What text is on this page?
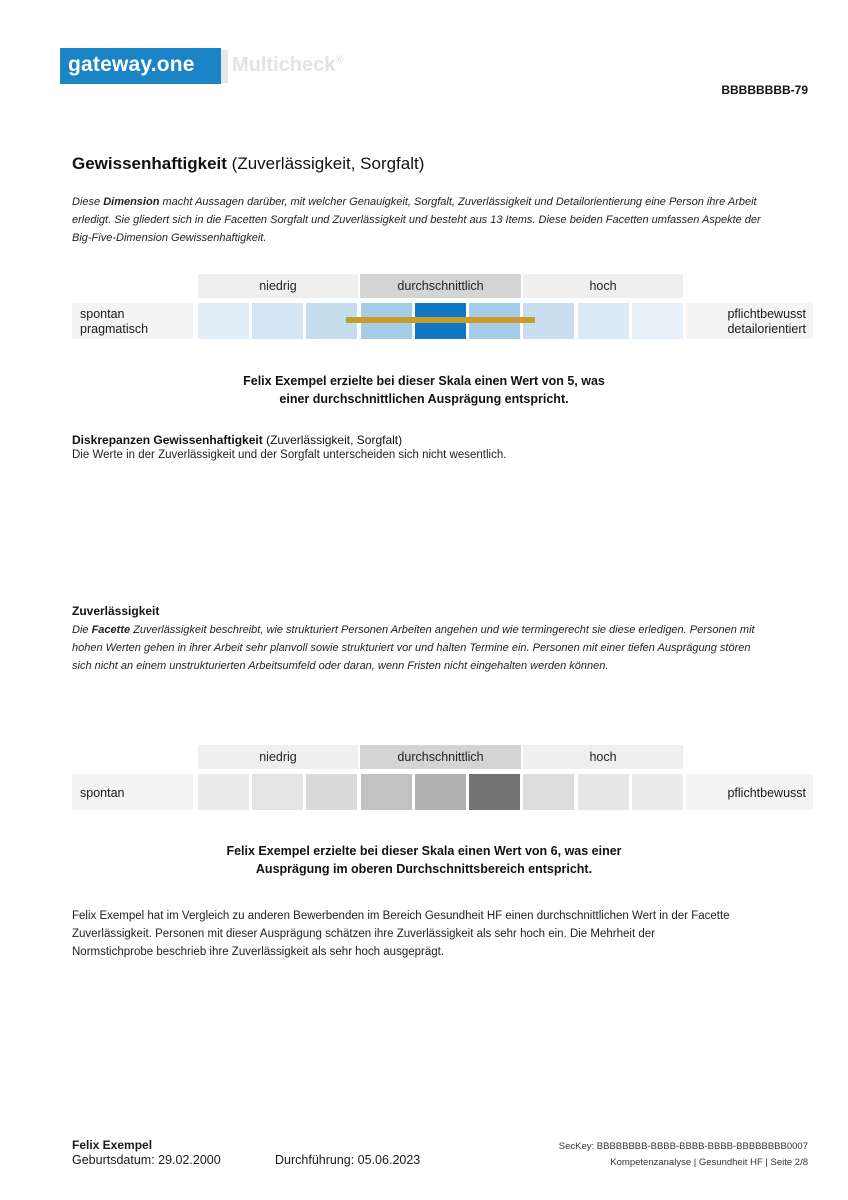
gateway.one Multicheck®
BBBBBBBB-79
Gewissenhaftigkeit (Zuverlässigkeit, Sorgfalt)
Diese Dimension macht Aussagen darüber, mit welcher Genauigkeit, Sorgfalt, Zuverlässigkeit und Detailorientierung eine Person ihre Arbeit
erledigt. Sie gliedert sich in die Facetten Sorgfalt und Zuverlässigkeit und besteht aus 13 Items. Diese beiden Facetten umfassen Aspekte der
Big-Five-Dimension Gewissenhaftigkeit.
niedrig	durchschnittlich	hoch
spontan
pragmatisch
pflichtbewusst
detailorientiert
Felix Exempel erzielte bei dieser Skala einen Wert von 5, was
einer durchschnittlichen Ausprägung entspricht.
Diskrepanzen Gewissenhaftigkeit (Zuverlässigkeit, Sorgfalt)
Die Werte in der Zuverlässigkeit und der Sorgfalt unterscheiden sich nicht wesentlich.
Zuverlässigkeit
Die Facette Zuverlässigkeit beschreibt, wie strukturiert Personen Arbeiten angehen und wie termingerecht sie diese erledigen. Personen mit
hohen Werten gehen in ihrer Arbeit sehr planvoll sowie strukturiert vor und halten Termine ein. Personen mit einer tiefen Ausprägung stören
sich nicht an einem unstrukturierten Arbeitsumfeld oder daran, wenn Fristen nicht eingehalten werden können.
niedrig	durchschnittlich	hoch
spontan	pflichtbewusst
Felix Exempel erzielte bei dieser Skala einen Wert von 6, was einer
Ausprägung im oberen Durchschnittsbereich entspricht.
Felix Exempel hat im Vergleich zu anderen Bewerbenden im Bereich Gesundheit HF einen durchschnittlichen Wert in der Facette
Zuverlässigkeit. Personen mit dieser Ausprägung schätzen ihre Zuverlässigkeit als sehr hoch ein. Die Mehrheit der
Normstichprobe beschrieb ihre Zuverlässigkeit als sehr hoch ausgeprägt.
Felix Exempel
Geburtsdatum: 29.02.2000	Durchführung: 05.06.2023
SecKey: BBBBBBBB-BBBB-BBBB-BBBB-BBBBBBBB0007
Kompetenzanalyse | Gesundheit HF | Seite 2/8
